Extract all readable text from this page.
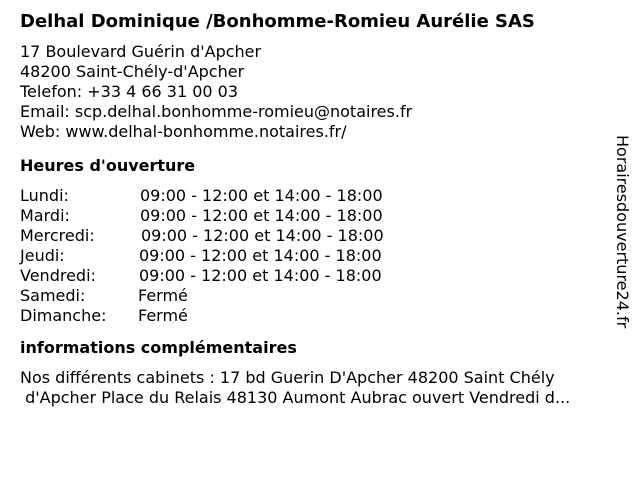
Delhal Dominique /Bonhomme-Romieu Aurélie SAS
17 Boulevard Guérin d'Apcher
48200 Saint-Chély-d'Apcher
Telefon: +33 4 66 31 00 03
Email: scp.delhal.bonhomme-romieu@notaires.fr
Web: www.delhal-bonhomme.notaires.fr/
Heures d'ouverture
Lundi:	09:00 - 12:00 et 14:00 - 18:00
Mardi:	09:00 - 12:00 et 14:00 - 18:00
Mercredi:	09:00 - 12:00 et 14:00 - 18:00
Jeudi:	09:00 - 12:00 et 14:00 - 18:00
Vendredi:	09:00 - 12:00 et 14:00 - 18:00
Samedi:	Fermé
Dimanche:	Fermé
informations complémentaires
Nos différents cabinets : 17 bd Guerin D'Apcher 48200 Saint Chély
d'Apcher Place du Relais 48130 Aumont Aubrac ouvert Vendredi d...
Horairesdouverture24.fr
